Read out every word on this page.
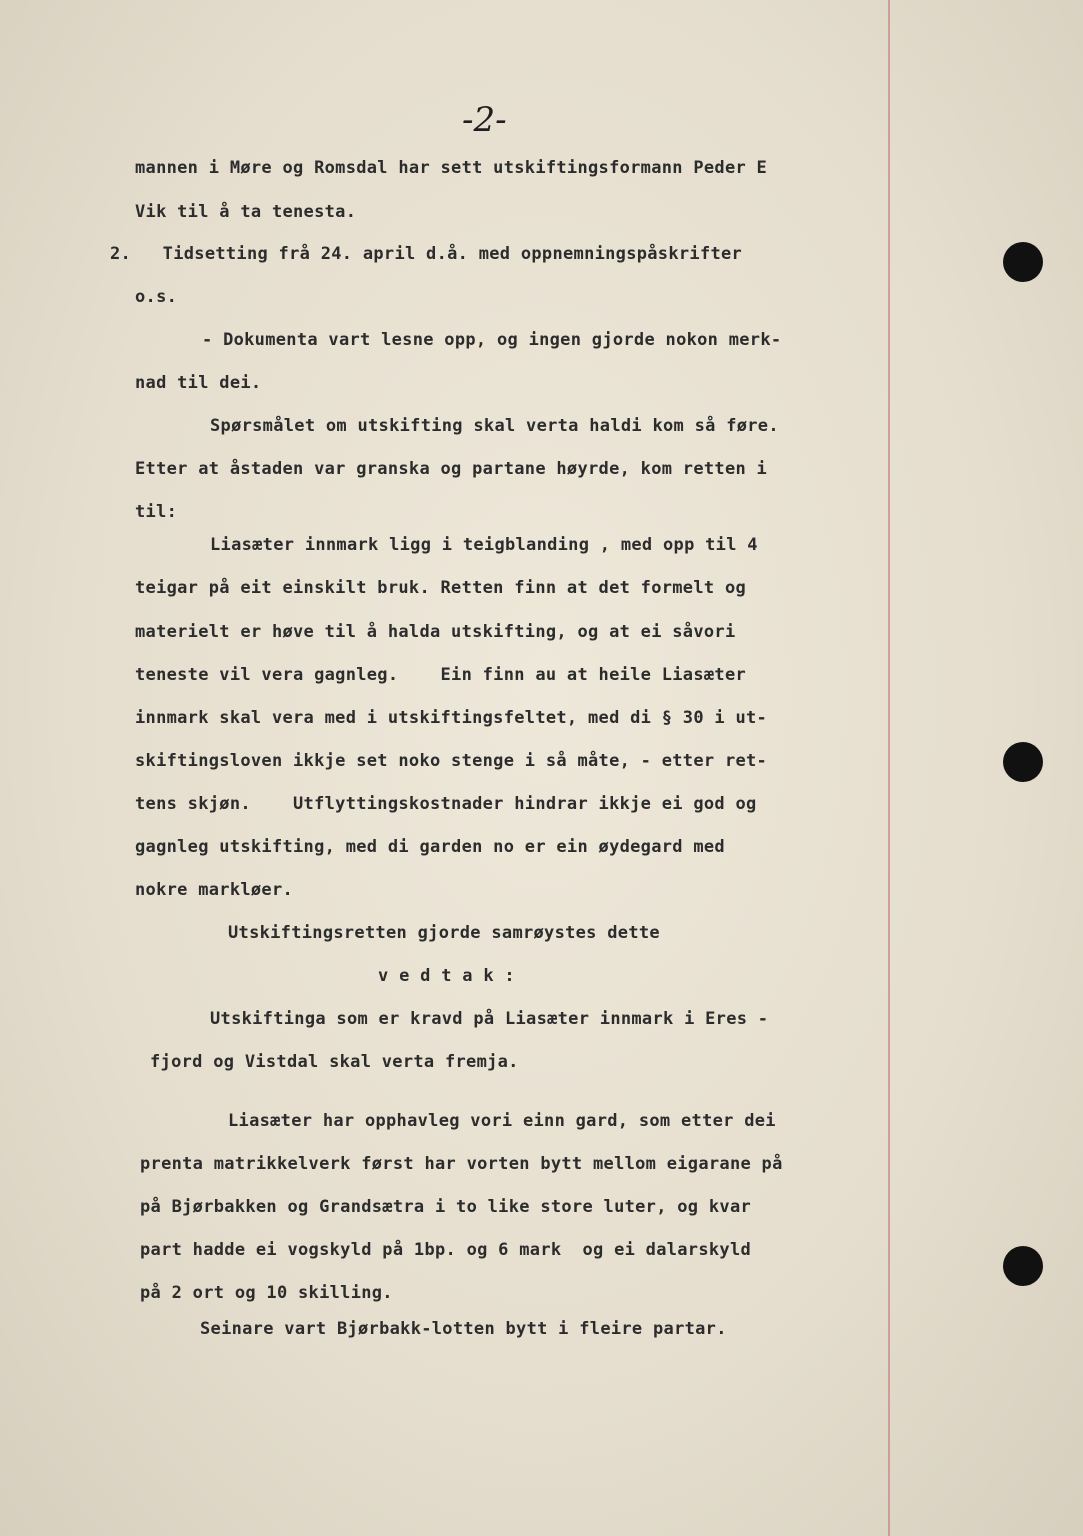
-2-
mannen i Møre og Romsdal har sett utskiftingsformann Peder E
Vik til å ta tenesta.
2.   Tidsetting frå 24. april d.å. med oppnemningspåskrifter
o.s.
- Dokumenta vart lesne opp, og ingen gjorde nokon merk-
nad til dei.
Spørsmålet om utskifting skal verta haldi kom så føre.
Etter at åstaden var granska og partane høyrde, kom retten i
til:
Liasæter innmark ligg i teigblanding , med opp til 4
teigar på eit einskilt bruk. Retten finn at det formelt og
materielt er høve til å halda utskifting, og at ei såvori
teneste vil vera gagnleg.    Ein finn au at heile Liasæter
innmark skal vera med i utskiftingsfeltet, med di § 30 i ut-
skiftingsloven ikkje set noko stenge i så måte, - etter ret-
tens skjøn.    Utflyttingskostnader hindrar ikkje ei god og
gagnleg utskifting, med di garden no er ein øydegard med
nokre markløer.
Utskiftingsretten gjorde samrøystes dette
v e d t a k :
Utskiftinga som er kravd på Liasæter innmark i Eres -
fjord og Vistdal skal verta fremja.
Liasæter har opphavleg vori einn gard, som etter dei
prenta matrikkelverk først har vorten bytt mellom eigarane på
på Bjørbakken og Grandsætra i to like store luter, og kvar
part hadde ei vogskyld på 1bp. og 6 mark  og ei dalarskyld
på 2 ort og 10 skilling.
Seinare vart Bjørbakk-lotten bytt i fleire partar.
